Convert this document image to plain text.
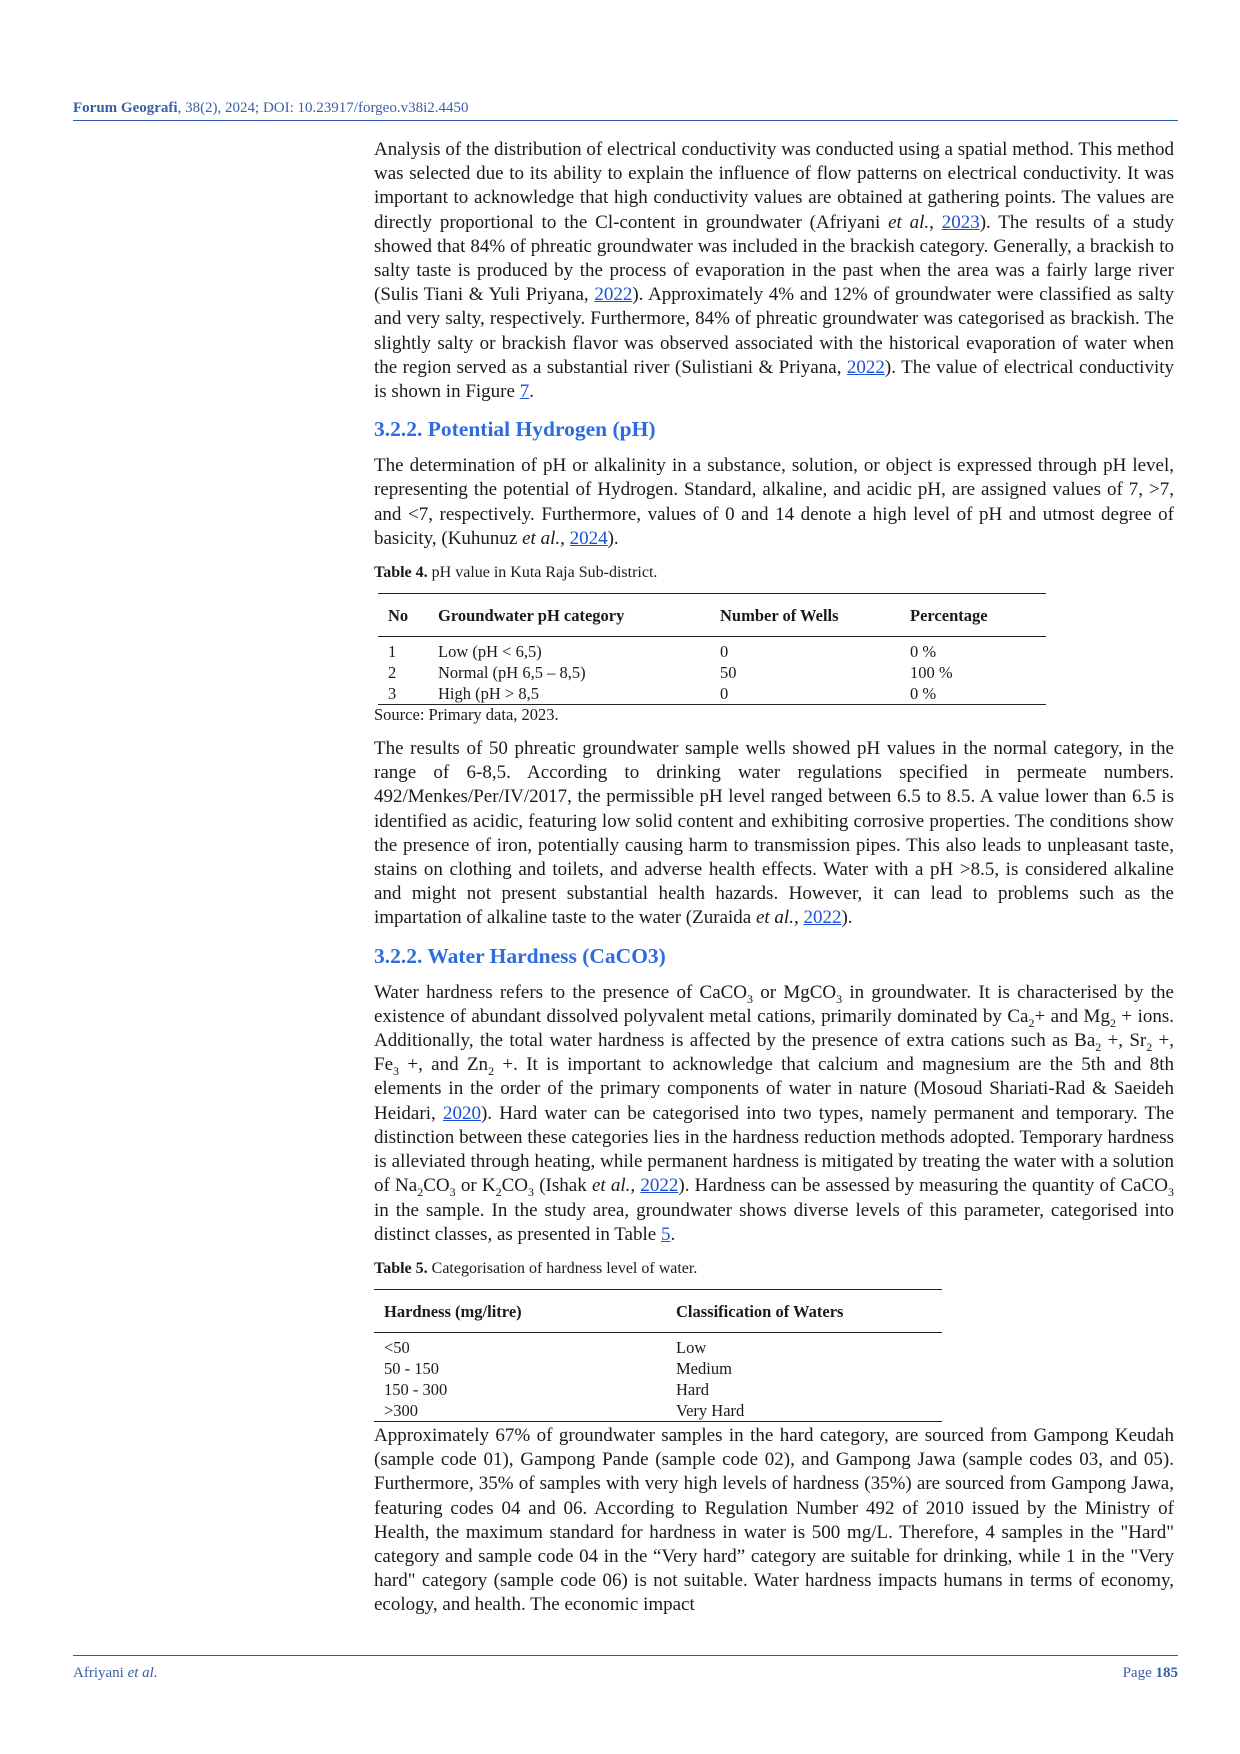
Forum Geografi, 38(2), 2024; DOI: 10.23917/forgeo.v38i2.4450

Analysis of the distribution of electrical conductivity was conducted using a spatial method. This method was selected due to its ability to explain the influence of flow patterns on electrical conductivity. It was important to acknowledge that high conductivity values are obtained at gathering points. The values are directly proportional to the Cl-content in groundwater (Afriyani et al., 2023). The results of a study showed that 84% of phreatic groundwater was included in the brackish category. Generally, a brackish to salty taste is produced by the process of evaporation in the past when the area was a fairly large river (Sulis Tiani & Yuli Priyana, 2022). Approximately 4% and 12% of groundwater were classified as salty and very salty, respectively. Furthermore, 84% of phreatic groundwater was categorised as brackish. The slightly salty or brackish flavor was observed associated with the historical evaporation of water when the region served as a substantial river (Sulistiani & Priyana, 2022). The value of electrical conductivity is shown in Figure 7.

3.2.2. Potential Hydrogen (pH)

The determination of pH or alkalinity in a substance, solution, or object is expressed through pH level, representing the potential of Hydrogen. Standard, alkaline, and acidic pH, are assigned values of 7, >7, and <7, respectively. Furthermore, values of 0 and 14 denote a high level of pH and utmost degree of basicity, (Kuhunuz et al., 2024).

Table 4. pH value in Kuta Raja Sub-district.

No	Groundwater pH category	Number of Wells	Percentage
1	Low (pH < 6,5)	0	0 %
2	Normal (pH 6,5 – 8,5)	50	100 %
3	High (pH > 8,5	0	0 %

Source: Primary data, 2023.

The results of 50 phreatic groundwater sample wells showed pH values in the normal category, in the range of 6-8,5. According to drinking water regulations specified in permeate numbers. 492/Menkes/Per/IV/2017, the permissible pH level ranged between 6.5 to 8.5. A value lower than 6.5 is identified as acidic, featuring low solid content and exhibiting corrosive properties. The conditions show the presence of iron, potentially causing harm to transmission pipes. This also leads to unpleasant taste, stains on clothing and toilets, and adverse health effects. Water with a pH >8.5, is considered alkaline and might not present substantial health hazards. However, it can lead to problems such as the impartation of alkaline taste to the water (Zuraida et al., 2022).

3.2.2. Water Hardness (CaCO3)

Water hardness refers to the presence of CaCO$_3$ or MgCO$_3$ in groundwater. It is characterised by the existence of abundant dissolved polyvalent metal cations, primarily dominated by $Ca_2+$ and $Mg_2$ + ions. Additionally, the total water hardness is affected by the presence of extra cations such as $Ba_2$ +, $Sr_2$ +, $Fe_3$ +, and $Zn_2$ +. It is important to acknowledge that calcium and magnesium are the 5th and 8th elements in the order of the primary components of water in nature (Mosoud Shariati-Rad & Saeideh Heidari, 2020). Hard water can be categorised into two types, namely permanent and temporary. The distinction between these categories lies in the hardness reduction methods adopted. Temporary hardness is alleviated through heating, while permanent hardness is mitigated by treating the water with a solution of $Na_2CO_3$ or $K_2CO_3$ (Ishak et al., 2022). Hardness can be assessed by measuring the quantity of CaCO$_3$ in the sample. In the study area, groundwater shows diverse levels of this parameter, categorised into distinct classes, as presented in Table 5.

Table 5. Categorisation of hardness level of water.

Hardness (mg/litre)	Classification of Waters
<50	Low
50 - 150	Medium
150 - 300	Hard
>300	Very Hard

Approximately 67% of groundwater samples in the hard category, are sourced from Gampong Keudah (sample code 01), Gampong Pande (sample code 02), and Gampong Jawa (sample codes 03, and 05). Furthermore, 35% of samples with very high levels of hardness (35%) are sourced from Gampong Jawa, featuring codes 04 and 06. According to Regulation Number 492 of 2010 issued by the Ministry of Health, the maximum standard for hardness in water is 500 mg/L. Therefore, 4 samples in the "Hard" category and sample code 04 in the “Very hard” category are suitable for drinking, while 1 in the "Very hard" category (sample code 06) is not suitable. Water hardness impacts humans in terms of economy, ecology, and health. The economic impact

Afriyani et al.	Page 185
